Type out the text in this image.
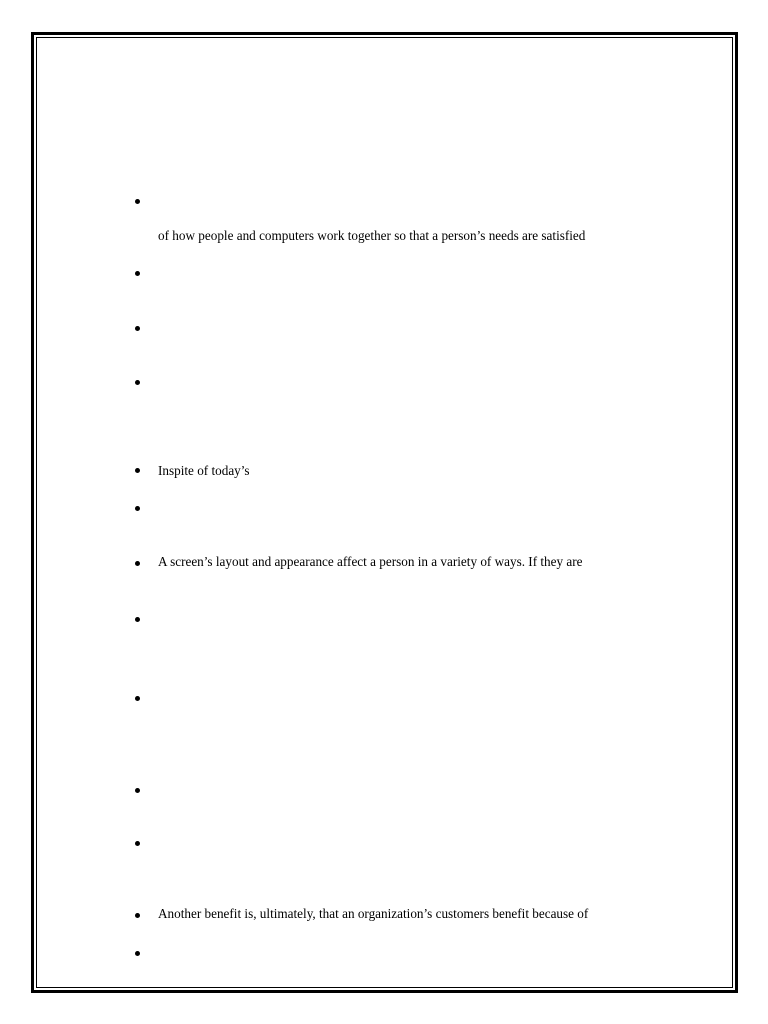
of how people and computers work together so that a person’s needs are satisfied
Inspite of today’s
A screen’s layout and appearance affect a person in a variety of ways. If they are
Another benefit is, ultimately, that an organization’s customers benefit because of
